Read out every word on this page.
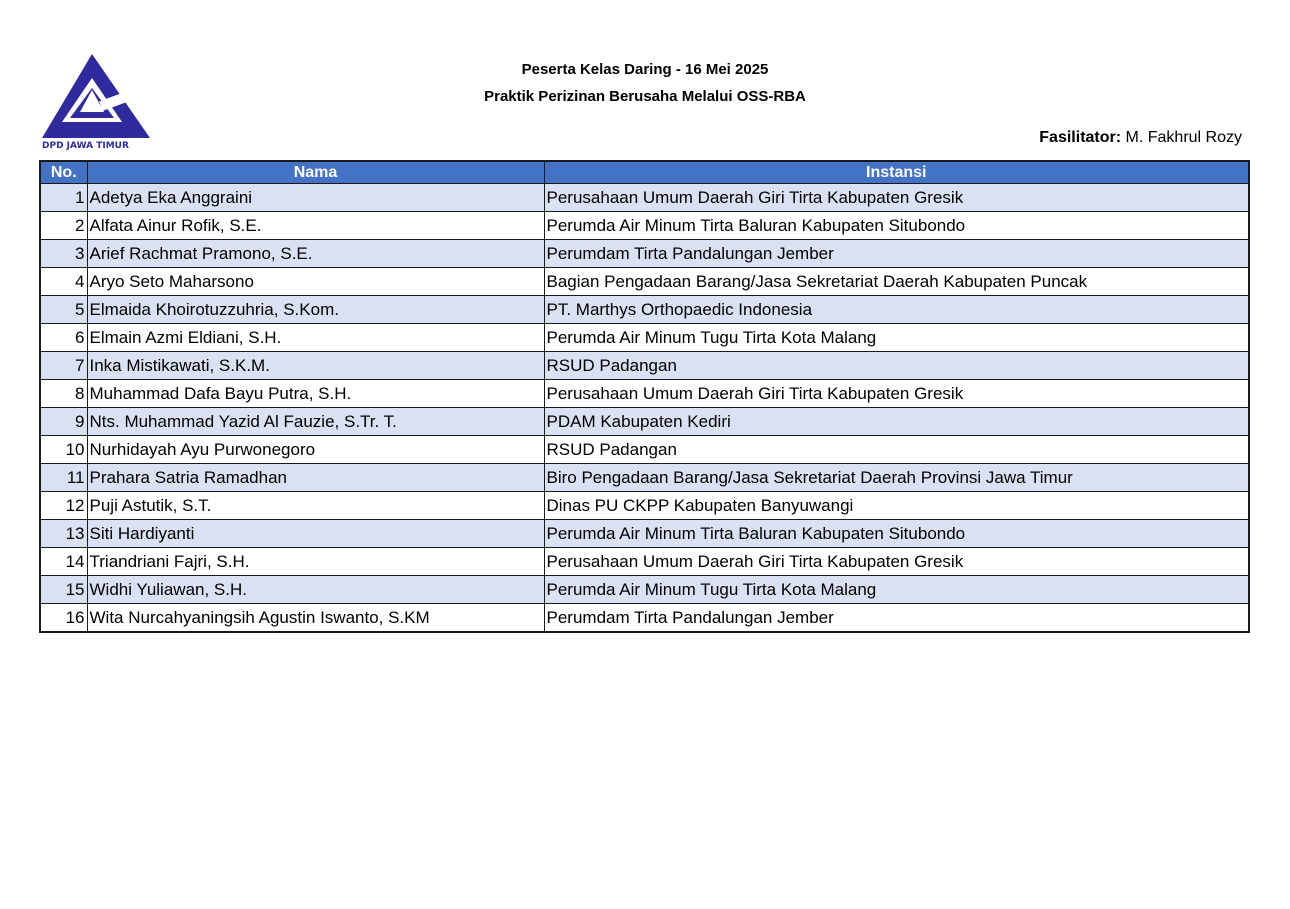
DPD JAWA TIMUR
Peserta Kelas Daring - 16 Mei 2025
Praktik Perizinan Berusaha Melalui OSS-RBA
Fasilitator: M. Fakhrul Rozy
No.	Nama	Instansi
1	Adetya Eka Anggraini	Perusahaan Umum Daerah Giri Tirta Kabupaten Gresik
2	Alfata Ainur Rofik, S.E.	Perumda Air Minum Tirta Baluran Kabupaten Situbondo
3	Arief Rachmat Pramono, S.E.	Perumdam Tirta Pandalungan Jember
4	Aryo Seto Maharsono	Bagian Pengadaan Barang/Jasa Sekretariat Daerah Kabupaten Puncak
5	Elmaida Khoirotuzzuhria, S.Kom.	PT. Marthys Orthopaedic Indonesia
6	Elmain Azmi Eldiani, S.H.	Perumda Air Minum Tugu Tirta Kota Malang
7	Inka Mistikawati, S.K.M.	RSUD Padangan
8	Muhammad Dafa Bayu Putra, S.H.	Perusahaan Umum Daerah Giri Tirta Kabupaten Gresik
9	Nts. Muhammad Yazid Al Fauzie, S.Tr. T.	PDAM Kabupaten Kediri
10	Nurhidayah Ayu Purwonegoro	RSUD Padangan
11	Prahara Satria Ramadhan	Biro Pengadaan Barang/Jasa Sekretariat Daerah Provinsi Jawa Timur
12	Puji Astutik, S.T.	Dinas PU CKPP Kabupaten Banyuwangi
13	Siti Hardiyanti	Perumda Air Minum Tirta Baluran Kabupaten Situbondo
14	Triandriani Fajri, S.H.	Perusahaan Umum Daerah Giri Tirta Kabupaten Gresik
15	Widhi Yuliawan, S.H.	Perumda Air Minum Tugu Tirta Kota Malang
16	Wita Nurcahyaningsih Agustin Iswanto, S.KM	Perumdam Tirta Pandalungan Jember
